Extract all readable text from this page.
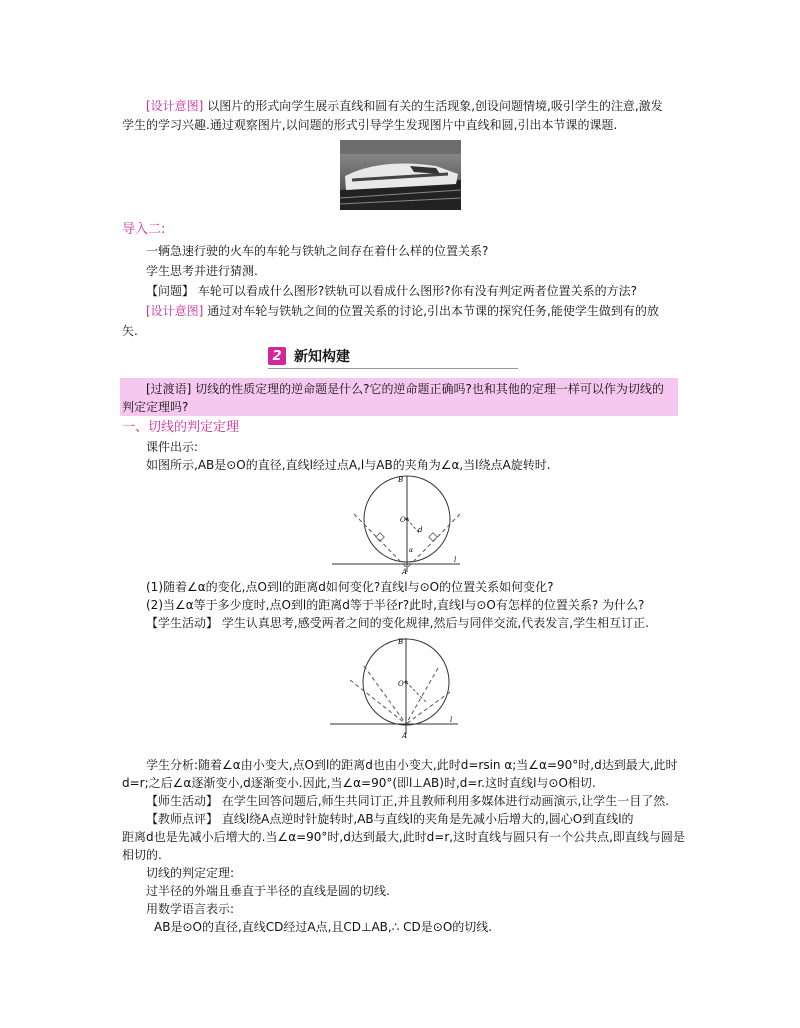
[设计意图] 以图片的形式向学生展示直线和圆有关的生活现象,创设问题情境,吸引学生的注意,激发
学生的学习兴趣.通过观察图片,以问题的形式引导学生发现图片中直线和圆,引出本节课的课题.
导入二:
一辆急速行驶的火车的车轮与铁轨之间存在着什么样的位置关系?
学生思考并进行猜测.
【问题】 车轮可以看成什么图形?铁轨可以看成什么图形?你有没有判定两者位置关系的方法?
[设计意图] 通过对车轮与铁轨之间的位置关系的讨论,引出本节课的探究任务,能使学生做到有的放
矢.
2 新知构建
[过渡语] 切线的性质定理的逆命题是什么?它的逆命题正确吗?也和其他的定理一样可以作为切线的
判定定理吗?
一、切线的判定定理
课件出示:
如图所示,AB是⊙O的直径,直线l经过点A,l与AB的夹角为∠α,当l绕点A旋转时.
B
O
d
α
A
l
(1)随着∠α的变化,点O到l的距离d如何变化?直线l与⊙O的位置关系如何变化?
(2)当∠α等于多少度时,点O到l的距离d等于半径r?此时,直线l与⊙O有怎样的位置关系? 为什么?
【学生活动】 学生认真思考,感受两者之间的变化规律,然后与同伴交流,代表发言,学生相互订正.
B
O
A
l
学生分析:随着∠α由小变大,点O到l的距离d也由小变大,此时d=rsin α;当∠α=90°时,d达到最大,此时
d=r;之后∠α逐渐变小,d逐渐变小.因此,当∠α=90°(即l⊥AB)时,d=r.这时直线l与⊙O相切.
【师生活动】 在学生回答问题后,师生共同订正,并且教师利用多媒体进行动画演示,让学生一目了然.
【教师点评】 直线l绕A点逆时针旋转时,AB与直线l的夹角是先减小后增大的,圆心O到直线l的
距离d也是先减小后增大的.当∠α=90°时,d达到最大,此时d=r,这时直线与圆只有一个公共点,即直线与圆是
相切的.
切线的判定定理:
过半径的外端且垂直于半径的直线是圆的切线.
用数学语言表示:
AB是⊙O的直径,直线CD经过A点,且CD⊥AB,∴ CD是⊙O的切线.
